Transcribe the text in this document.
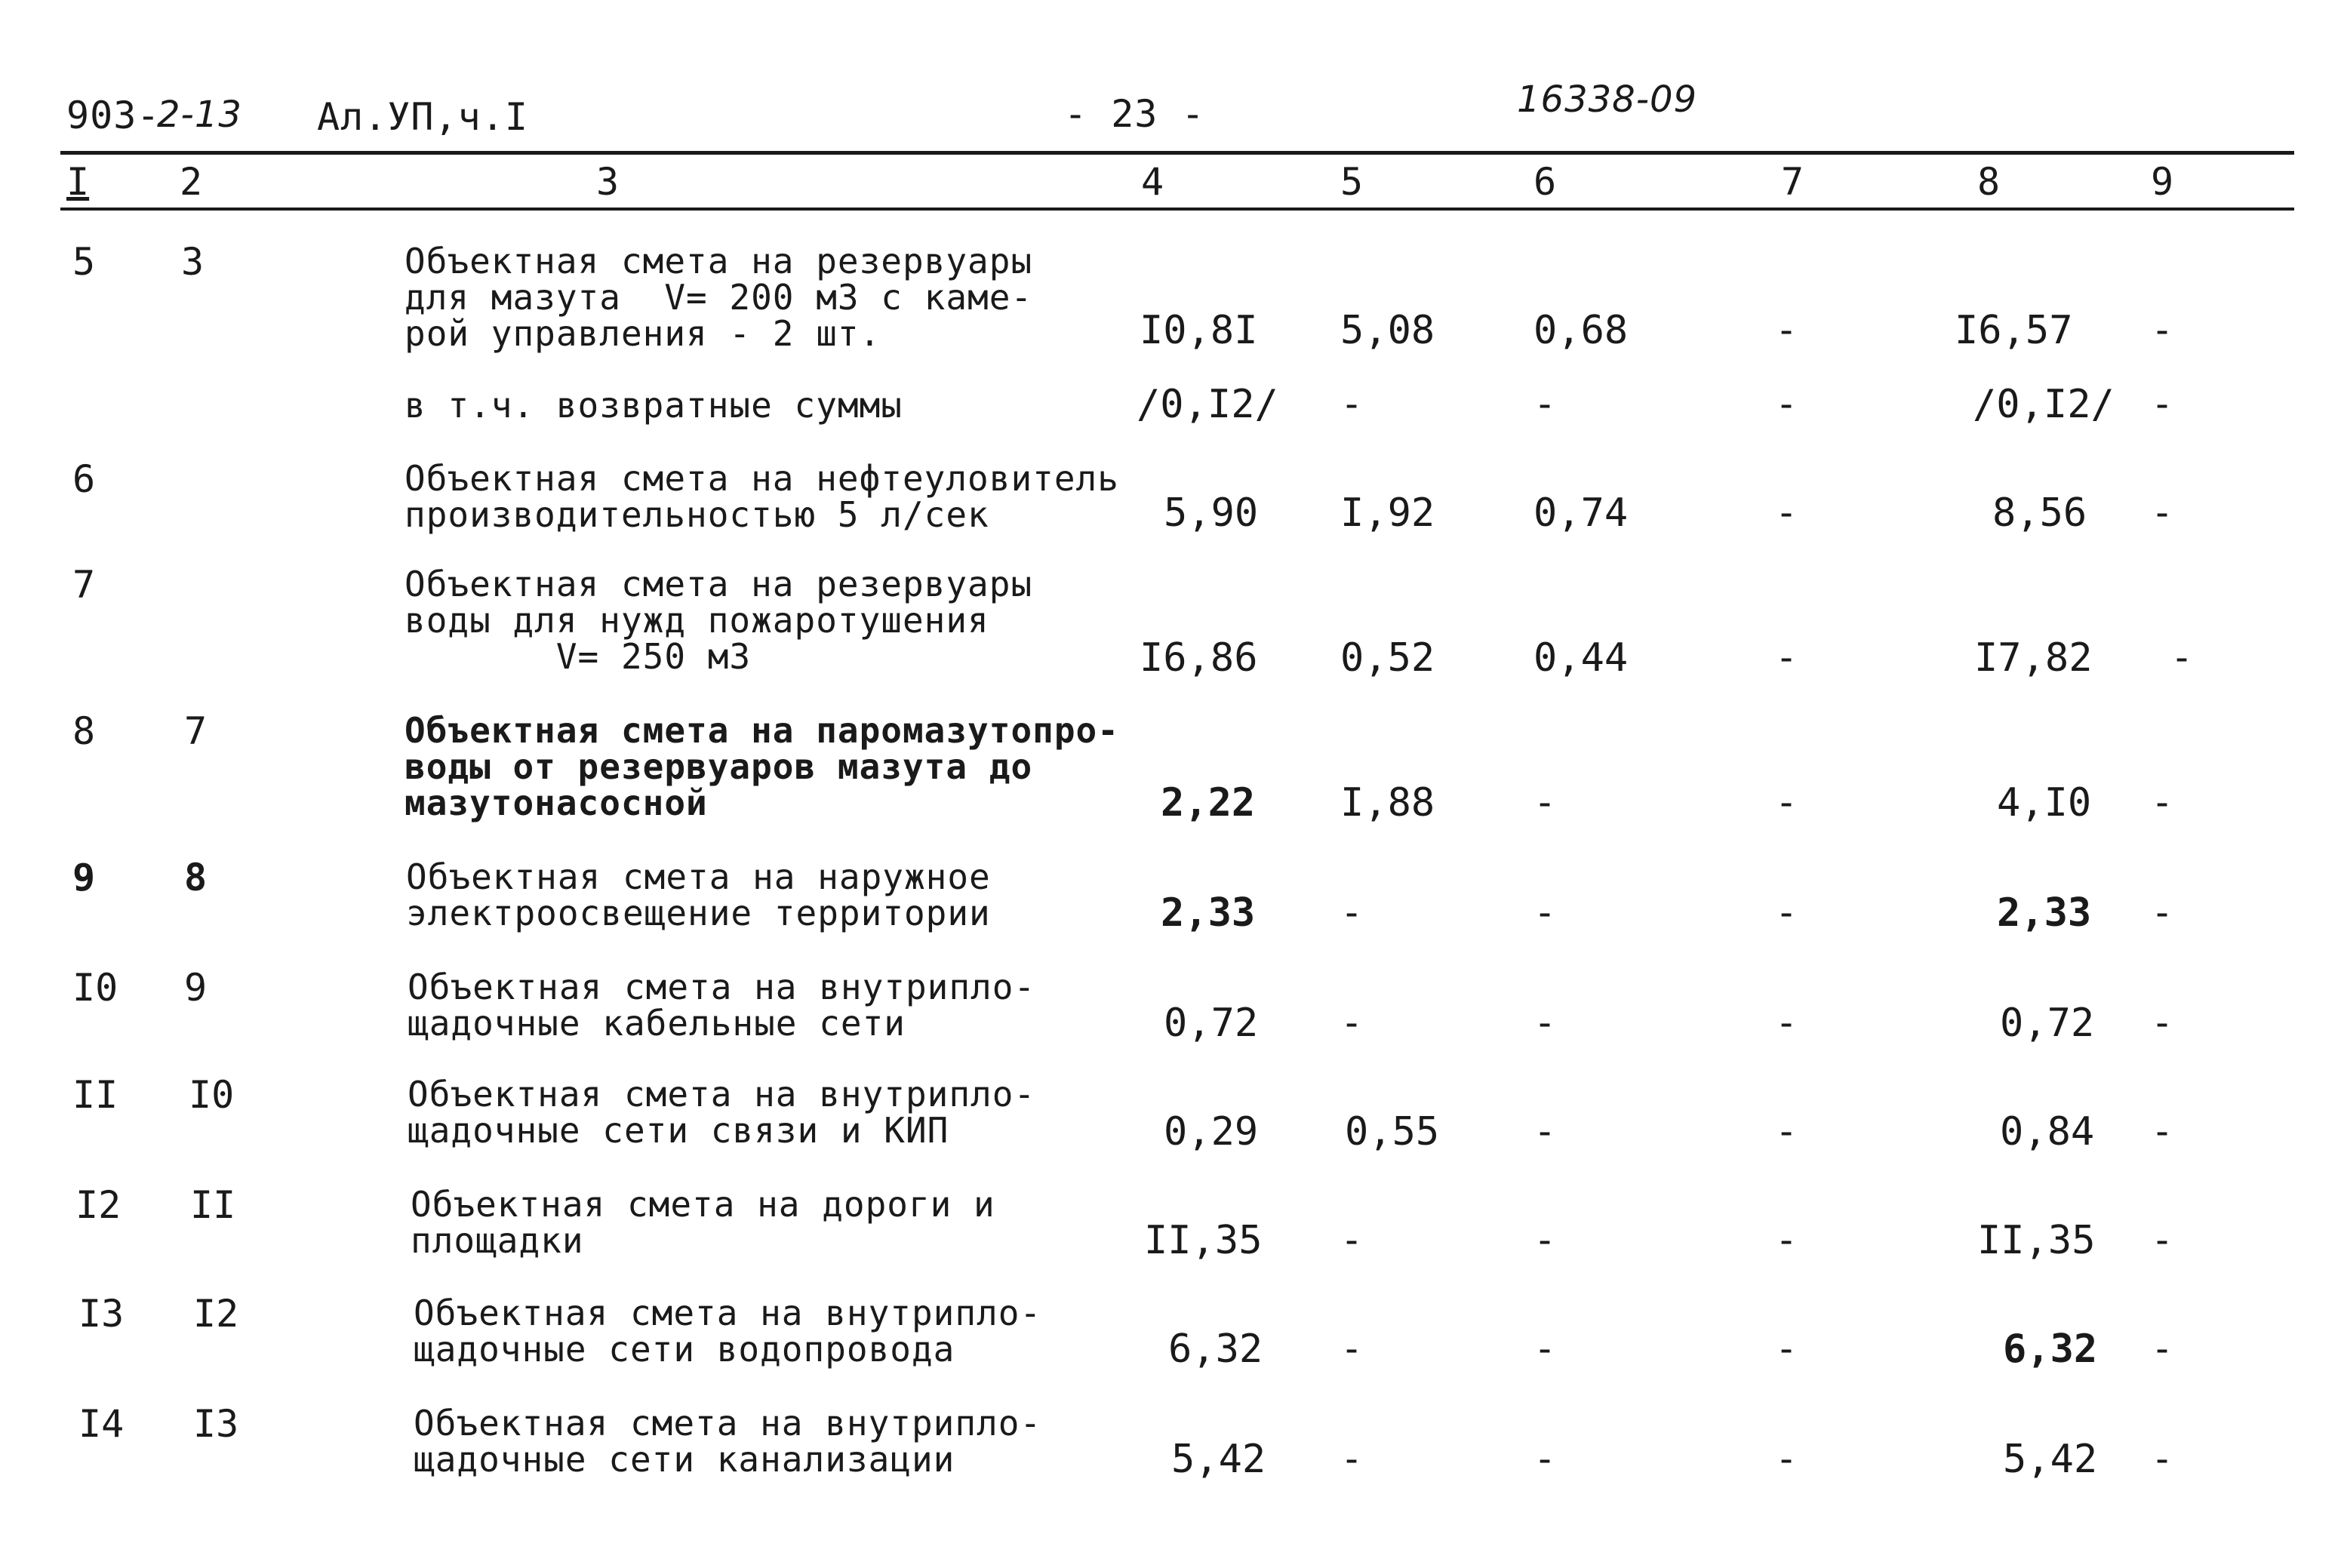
903-
2-13 Ал.УП,ч.I	- 23 -	16338-09
I 2	3	4	5	6	7	8	9
5 3	Объектная смета на резервуары
для мазута  V= 200 м3 с каме-
рой управления - 2 шт.	I0,8I 5,08	0,68	-	I6,57 -
в т.ч. возвратные суммы	/0,I2/ -	-	-	/0,I2/ -
6	Объектная смета на нефтеуловитель
производительностью 5 л/сек	5,90 I,92	0,74	-	8,56 -
7	Объектная смета на резервуары
воды для нужд пожаротушения
V= 250 м3	I6,86 0,52	0,44	-	I7,82 -
8 7	Объектная смета на паромазутопро-
воды от резервуаров мазута до
мазутонасосной	2,22 I,88	-	-	4,I0 -
9 8	Объектная смета на наружное
электроосвещение территории	2,33 -	-	-	2,33 -
I0 9	Объектная смета на внутрипло-
щадочные кабельные сети	0,72 -	-	-	0,72 -
II I0	Объектная смета на внутрипло-
щадочные сети связи и КИП	0,29 0,55 -	-	0,84 -
I2 II	Объектная смета на дороги и
площадки	II,35 -	-	-	II,35 -
I3 I2	Объектная смета на внутрипло-
щадочные сети водопровода	6,32 -	-	-	6,32 -
I4 I3	Объектная смета на внутрипло-
щадочные сети канализации	5,42 -	-	-	5,42 -
